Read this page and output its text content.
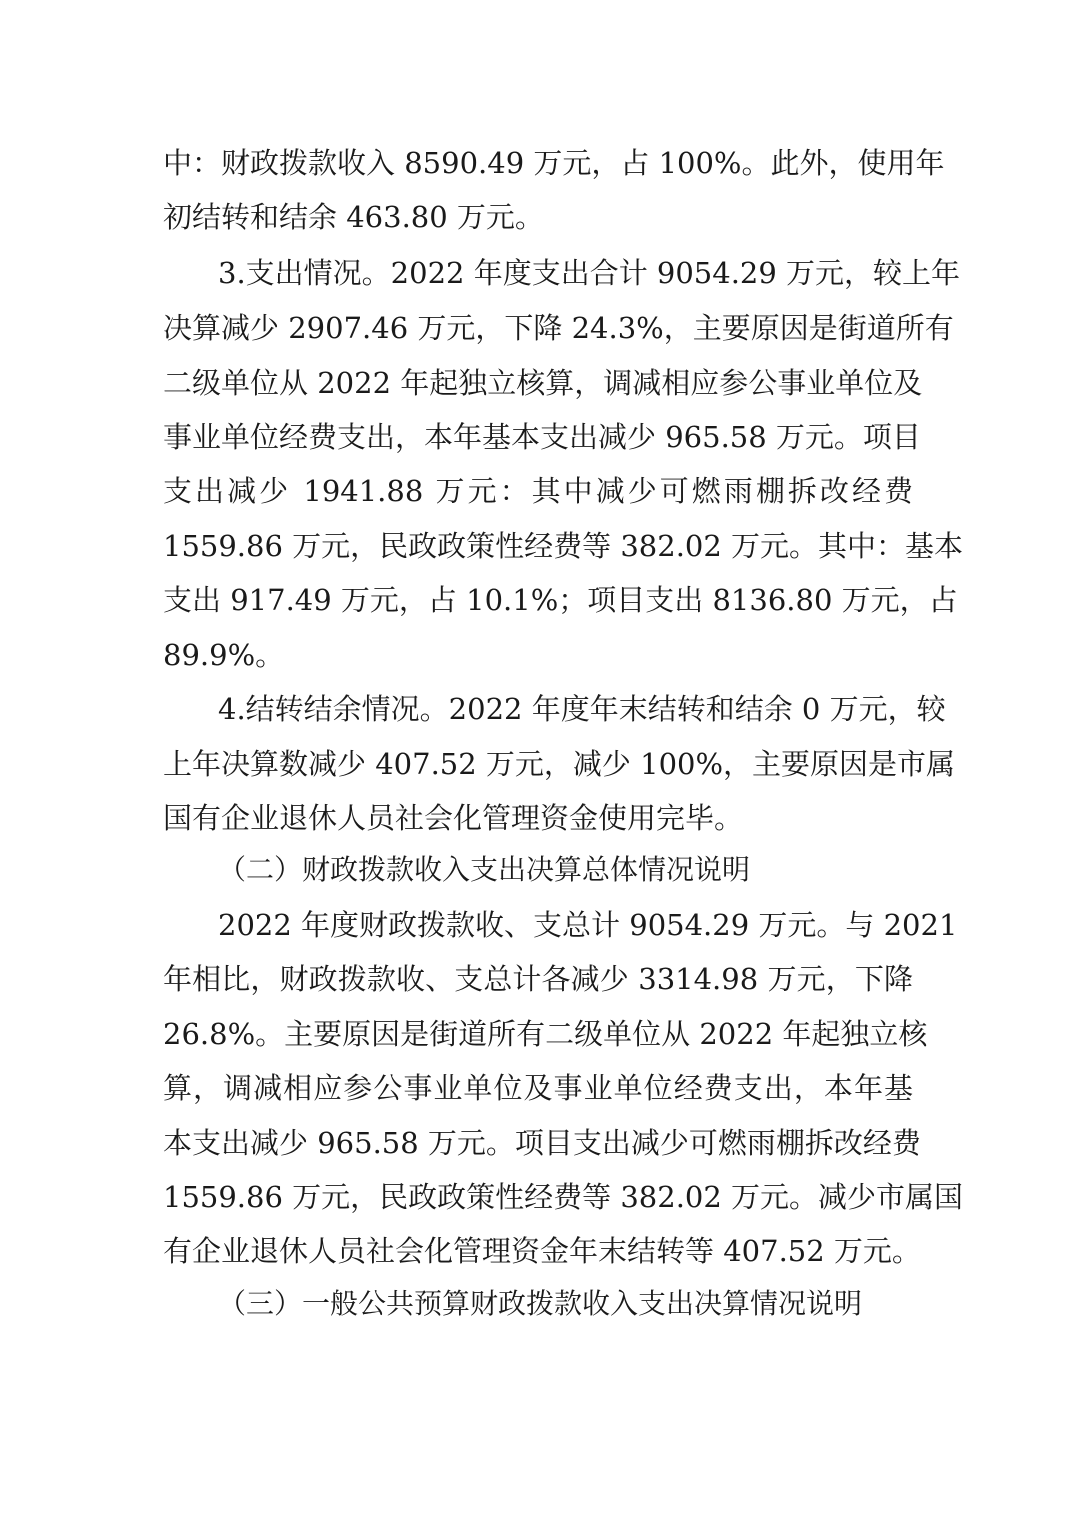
中：财政拨款收入 8590.49 万元，占 100%。此外，使用年
初结转和结余 463.80 万元。
3.支出情况。2022 年度支出合计 9054.29 万元，较上年
决算减少 2907.46 万元，下降 24.3%，主要原因是街道所有
二级单位从 2022 年起独立核算，调减相应参公事业单位及
事业单位经费支出，本年基本支出减少 965.58 万元。项目
支出减少 1941.88 万元：其中减少可燃雨棚拆改经费
1559.86 万元，民政政策性经费等 382.02 万元。其中：基本
支出 917.49 万元，占 10.1%；项目支出 8136.80 万元，占
89.9%。
4.结转结余情况。2022 年度年末结转和结余 0 万元，较
上年决算数减少 407.52 万元，减少 100%，主要原因是市属
国有企业退休人员社会化管理资金使用完毕。
（二）财政拨款收入支出决算总体情况说明
2022 年度财政拨款收、支总计 9054.29 万元。与 2021
年相比，财政拨款收、支总计各减少 3314.98 万元，下降
26.8%。主要原因是街道所有二级单位从 2022 年起独立核
算，调减相应参公事业单位及事业单位经费支出，本年基
本支出减少 965.58 万元。项目支出减少可燃雨棚拆改经费
1559.86 万元，民政政策性经费等 382.02 万元。减少市属国
有企业退休人员社会化管理资金年末结转等 407.52 万元。
（三）一般公共预算财政拨款收入支出决算情况说明
